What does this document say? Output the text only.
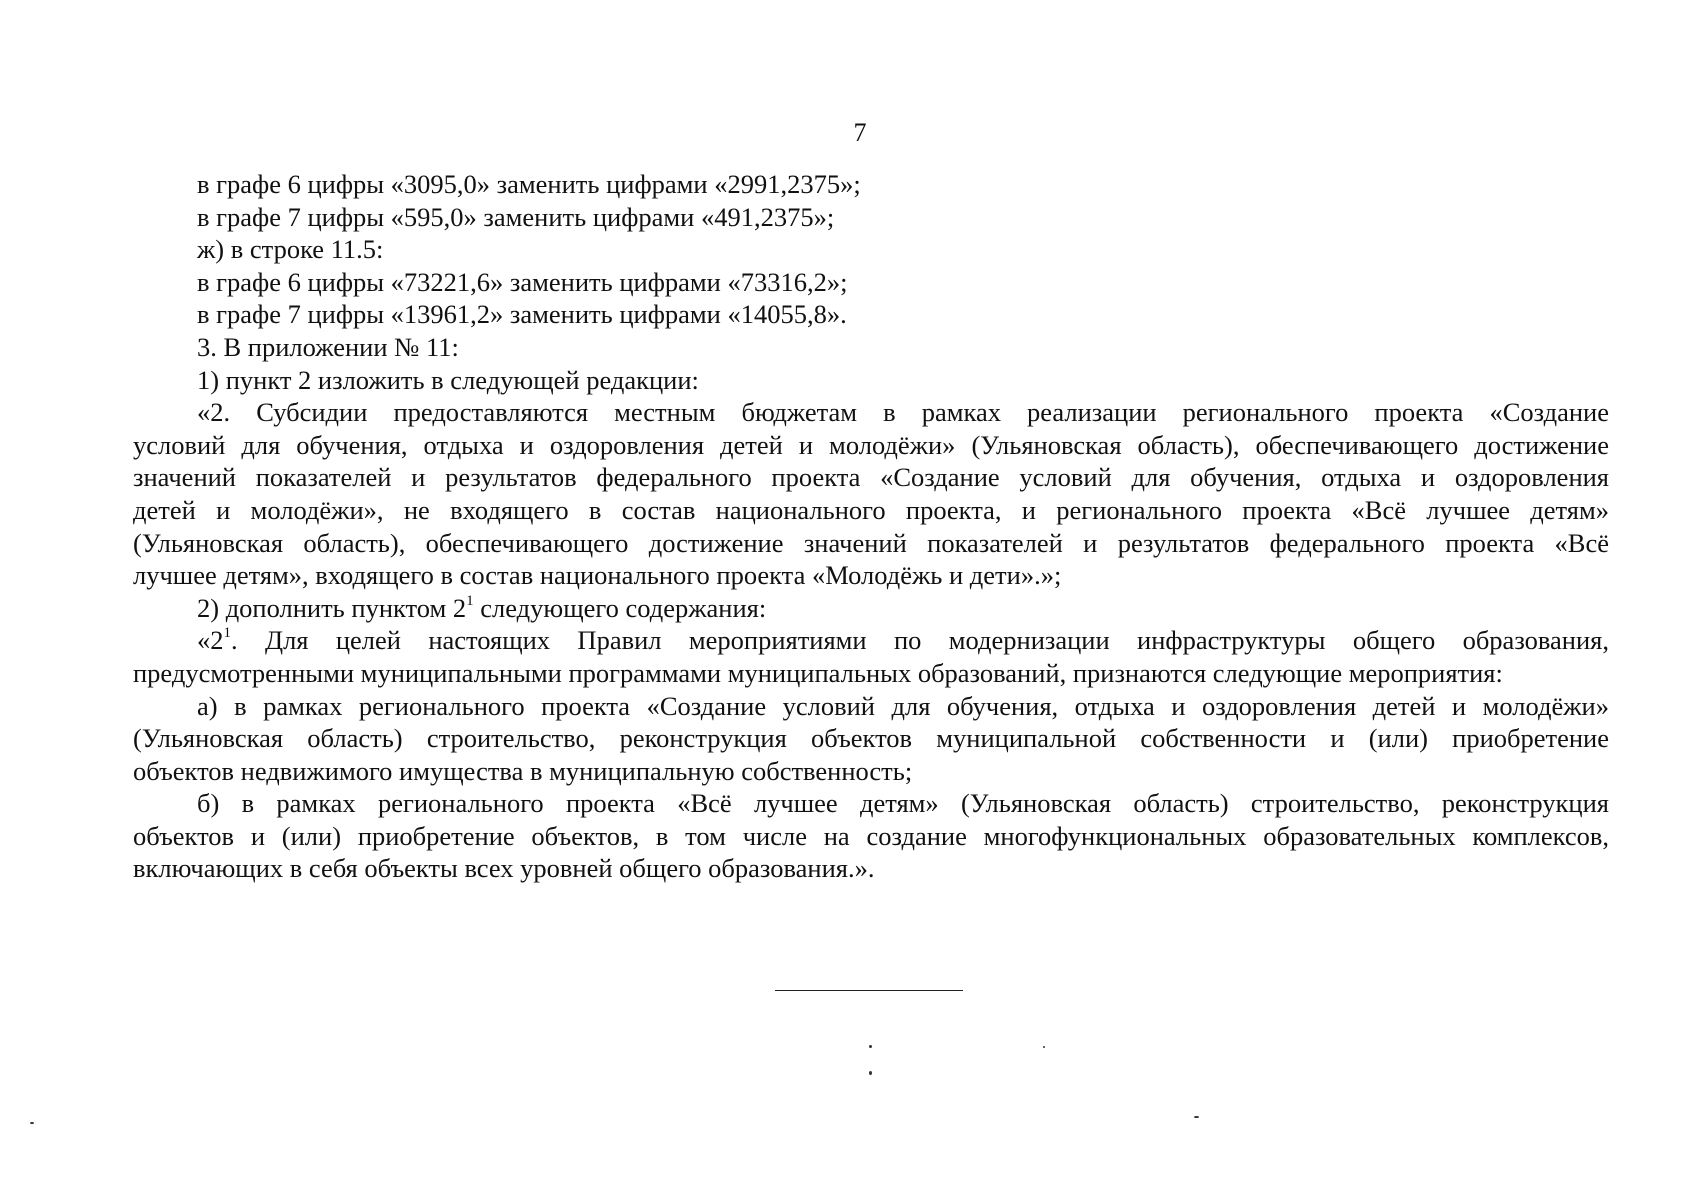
7
в графе 6 цифры «3095,0» заменить цифрами «2991,2375»;
в графе 7 цифры «595,0» заменить цифрами «491,2375»;
ж) в строке 11.5:
в графе 6 цифры «73221,6» заменить цифрами «73316,2»;
в графе 7 цифры «13961,2» заменить цифрами «14055,8».
3. В приложении № 11:
1) пункт 2 изложить в следующей редакции:
«2. Субсидии предоставляются местным бюджетам в рамках реализации регионального проекта «Создание
условий для обучения, отдыха и оздоровления детей и молодёжи» (Ульяновская область), обеспечивающего достижение
значений показателей и результатов федерального проекта «Создание условий для обучения, отдыха и оздоровления
детей и молодёжи», не входящего в состав национального проекта, и регионального проекта «Всё лучшее детям»
(Ульяновская область), обеспечивающего достижение значений показателей и результатов федерального проекта «Всё
лучшее детям», входящего в состав национального проекта «Молодёжь и дети».»;
2) дополнить пунктом $2^1$ следующего содержания:
«$2^1$. Для целей настоящих Правил мероприятиями по модернизации инфраструктуры общего образования,
предусмотренными муниципальными программами муниципальных образований, признаются следующие мероприятия:
а) в рамках регионального проекта «Создание условий для обучения, отдыха и оздоровления детей и молодёжи»
(Ульяновская область) строительство, реконструкция объектов муниципальной собственности и (или) приобретение
объектов недвижимого имущества в муниципальную собственность;
б) в рамках регионального проекта «Всё лучшее детям» (Ульяновская область) строительство, реконструкция
объектов и (или) приобретение объектов, в том числе на создание многофункциональных образовательных комплексов,
включающих в себя объекты всех уровней общего образования.».
